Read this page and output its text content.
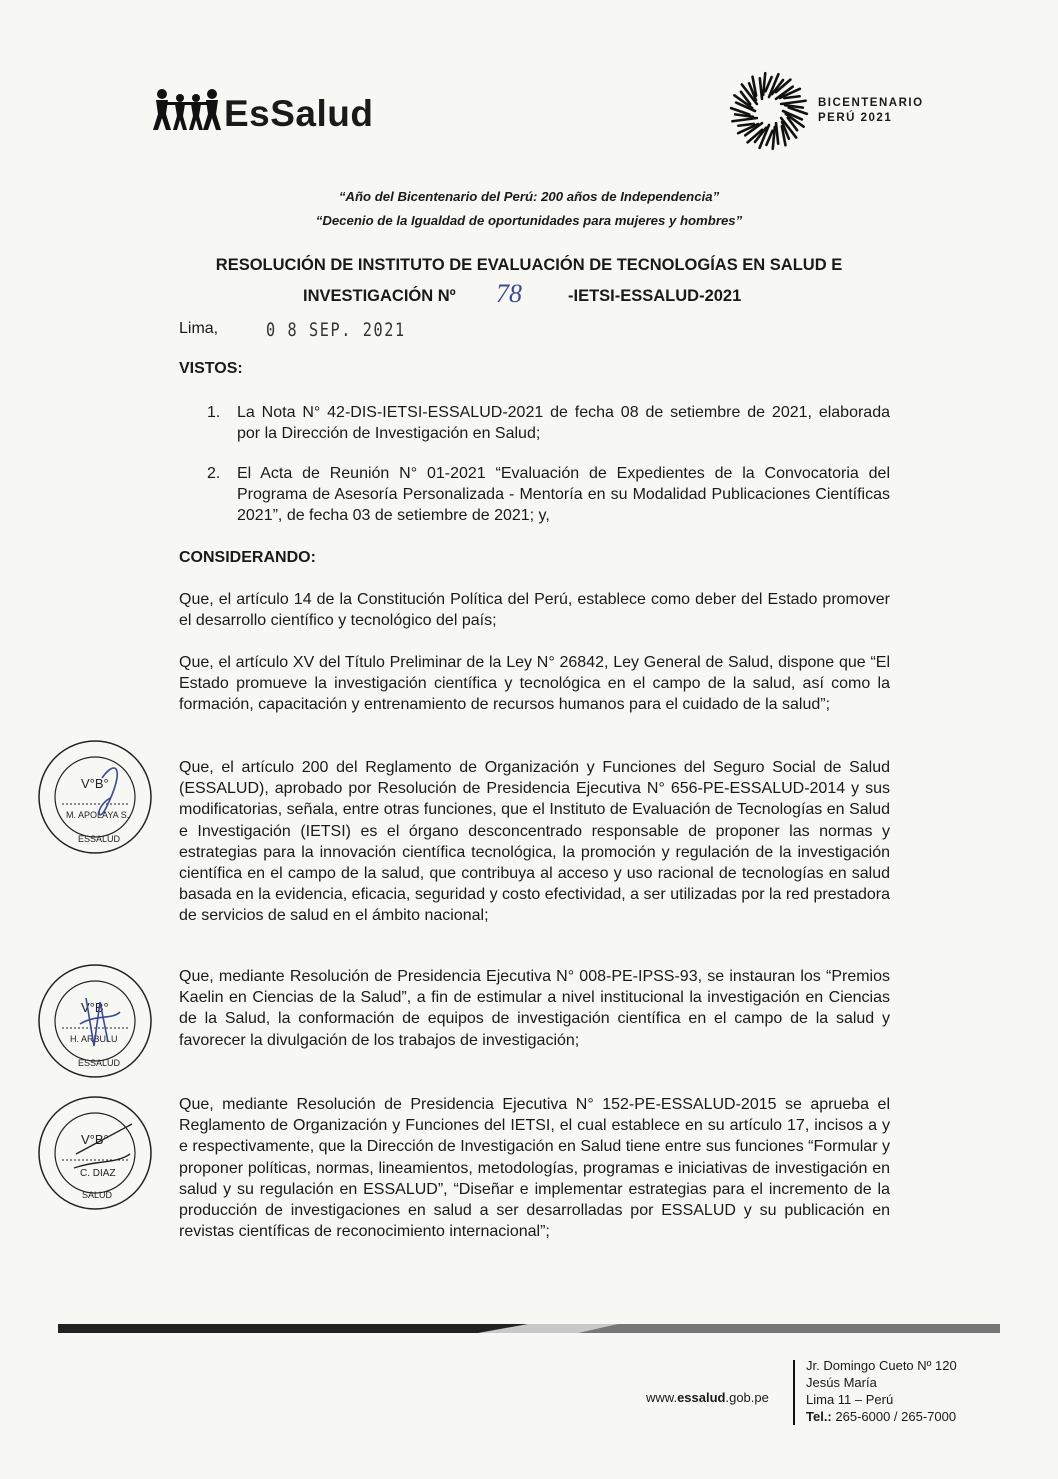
EsSalud	BICENTENARIO
PERÚ 2021
“Año del Bicentenario del Perú: 200 años de Independencia”
“Decenio de la Igualdad de oportunidades para mujeres y hombres”
RESOLUCIÓN DE INSTITUTO DE EVALUACIÓN DE TECNOLOGÍAS EN SALUD E
INVESTIGACIÓN Nº 78	-IETSI-ESSALUD-2021
Lima,	0 8 SEP. 2021
VISTOS:
1.	La Nota N° 42-DIS-IETSI-ESSALUD-2021 de fecha 08 de setiembre de 2021, elaborada por la Dirección de Investigación en Salud;
2.	El Acta de Reunión N° 01-2021 “Evaluación de Expedientes de la Convocatoria del Programa de Asesoría Personalizada - Mentoría en su Modalidad Publicaciones Científicas 2021”, de fecha 03 de setiembre de 2021; y,
CONSIDERANDO:
Que, el artículo 14 de la Constitución Política del Perú, establece como deber del Estado promover el desarrollo científico y tecnológico del país;
Que, el artículo XV del Título Preliminar de la Ley N° 26842, Ley General de Salud, dispone que “El Estado promueve la investigación científica y tecnológica en el campo de la salud, así como la formación, capacitación y entrenamiento de recursos humanos para el cuidado de la salud”;
Que, el artículo 200 del Reglamento de Organización y Funciones del Seguro Social de Salud (ESSALUD), aprobado por Resolución de Presidencia Ejecutiva N° 656-PE-ESSALUD-2014 y sus modificatorias, señala, entre otras funciones, que el Instituto de Evaluación de Tecnologías en Salud e Investigación (IETSI) es el órgano desconcentrado responsable de proponer las normas y estrategias para la innovación científica tecnológica, la promoción y regulación de la investigación científica en el campo de la salud, que contribuya al acceso y uso racional de tecnologías en salud basada en la evidencia, eficacia, seguridad y costo efectividad, a ser utilizadas por la red prestadora de servicios de salud en el ámbito nacional;
Que, mediante Resolución de Presidencia Ejecutiva N° 008-PE-IPSS-93, se instauran los “Premios Kaelin en Ciencias de la Salud”, a fin de estimular a nivel institucional la investigación en Ciencias de la Salud, la conformación de equipos de investigación científica en el campo de la salud y favorecer la divulgación de los trabajos de investigación;
Que, mediante Resolución de Presidencia Ejecutiva N° 152-PE-ESSALUD-2015 se aprueba el Reglamento de Organización y Funciones del IETSI, el cual establece en su artículo 17, incisos a y e respectivamente, que la Dirección de Investigación en Salud tiene entre sus funciones “Formular y proponer políticas, normas, lineamientos, metodologías, programas e iniciativas de investigación en salud y su regulación en ESSALUD”, “Diseñar e implementar estrategias para el incremento de la producción de investigaciones en salud a ser desarrolladas por ESSALUD y su publicación en revistas científicas de reconocimiento internacional”;
V°B°
M. APOLAYA S.
ESSALUD
V°B°
H. ARBULU
ESSALUD
V°B°
C. DIAZ
SALUD
www.essalud.gob.pe
Jr. Domingo Cueto Nº 120
Jesús María
Lima 11 – Perú
Tel.: 265-6000 / 265-7000
